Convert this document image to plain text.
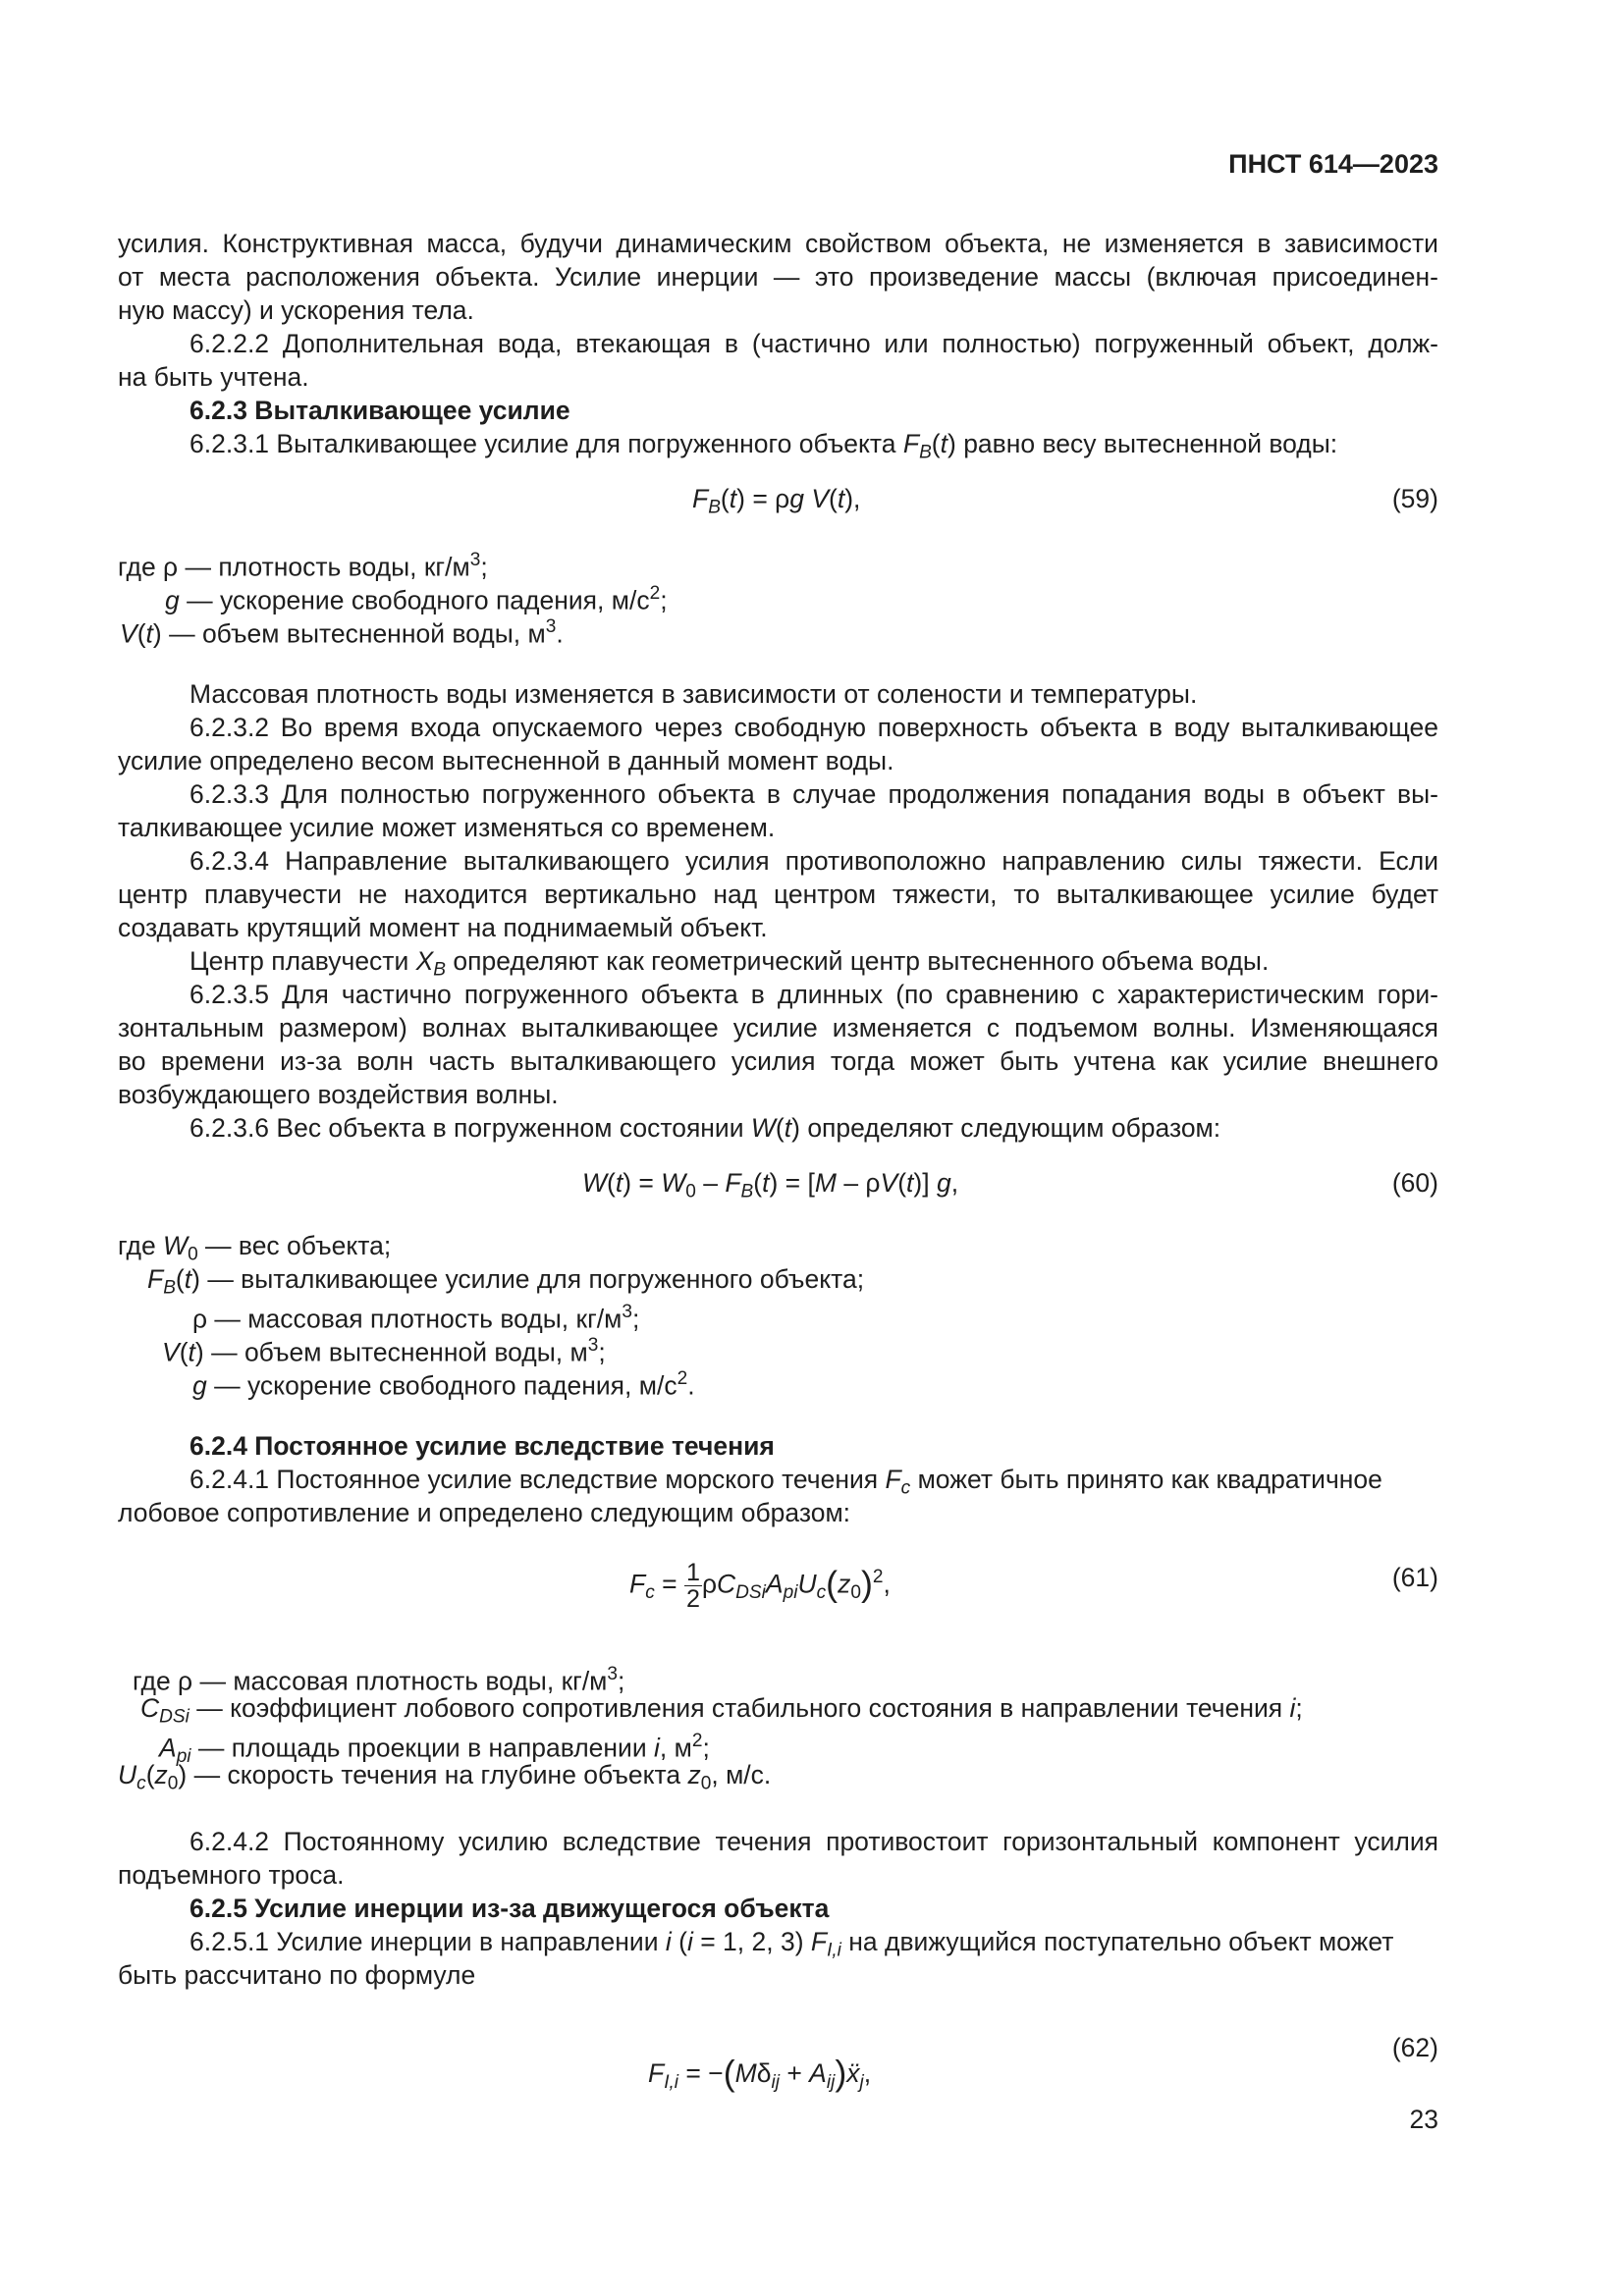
ПНСТ 614—2023
усилия. Конструктивная масса, будучи динамическим свойством объекта, не изменяется в зависимости
от места расположения объекта. Усилие инерции — это произведение массы (включая присоединен-
ную массу) и ускорения тела.
6.2.2.2 Дополнительная вода, втекающая в (частично или полностью) погруженный объект, долж-
на быть учтена.
6.2.3 Выталкивающее усилие
6.2.3.1 Выталкивающее усилие для погруженного объекта $F_B(t)$ равно весу вытесненной воды:
$F_B(t) = \rho g$ V(t),	(59)
где ρ — плотность воды, $кг/м^3$;
g — ускорение свободного падения, $м/с^2$;
V(t) — объем вытесненной воды, $м^3$.
Массовая плотность воды изменяется в зависимости от солености и температуры.
6.2.3.2 Во время входа опускаемого через свободную поверхность объекта в воду выталкивающее
усилие определено весом вытесненной в данный момент воды.
6.2.3.3 Для полностью погруженного объекта в случае продолжения попадания воды в объект вы-
талкивающее усилие может изменяться со временем.
6.2.3.4 Направление выталкивающего усилия противоположно направлению силы тяжести. Если
центр плавучести не находится вертикально над центром тяжести, то выталкивающее усилие будет
создавать крутящий момент на поднимаемый объект.
Центр плавучести $X_B$ определяют как геометрический центр вытесненного объема воды.
6.2.3.5 Для частично погруженного объекта в длинных (по сравнению с характеристическим гори-
зонтальным размером) волнах выталкивающее усилие изменяется с подъемом волны. Изменяющаяся
во времени из-за волн часть выталкивающего усилия тогда может быть учтена как усилие внешнего
возбуждающего воздействия волны.
6.2.3.6 Вес объекта в погруженном состоянии W(t) определяют следующим образом:
$W(t) = W_0 - F_B(t) = [M - \rho V(t)]$ g,	(60)
где $W_0$ — вес объекта;
$F_B(t)$ — выталкивающее усилие для погруженного объекта;
ρ — массовая плотность воды, $кг/м^3$;
V(t) — объем вытесненной воды, $м^3$;
g — ускорение свободного падения, $м/с^2$.
6.2.4 Постоянное усилие вследствие течения
6.2.4.1 Постоянное усилие вследствие морского течения $F_c$ может быть принято как квадратичное
лобовое сопротивление и определено следующим образом:
$F_c = \frac{1}{2} \rho C_{DSi}A_{pi}U_c(z_0)^2$,	(61)
где ρ — массовая плотность воды, $кг/м^3$;
$C_{DSi}$ — коэффициент лобового сопротивления стабильного состояния в направлении течения i;
$A_{pi}$ — площадь проекции в направлении i, $м^2$;
$U_c(z_0)$ — скорость течения на глубине объекта $z_0$, м/с.
6.2.4.2 Постоянному усилию вследствие течения противостоит горизонтальный компонент усилия
подъемного троса.
6.2.5 Усилие инерции из-за движущегося объекта
6.2.5.1 Усилие инерции в направлении i (i = 1, 2, 3) $F_{I,i}$ на движущийся поступательно объект может
быть рассчитано по формуле
$F_{I,i} = -(M\delta_{ij}$ + $A_{ij})ẍ_j$,
(62)
23
